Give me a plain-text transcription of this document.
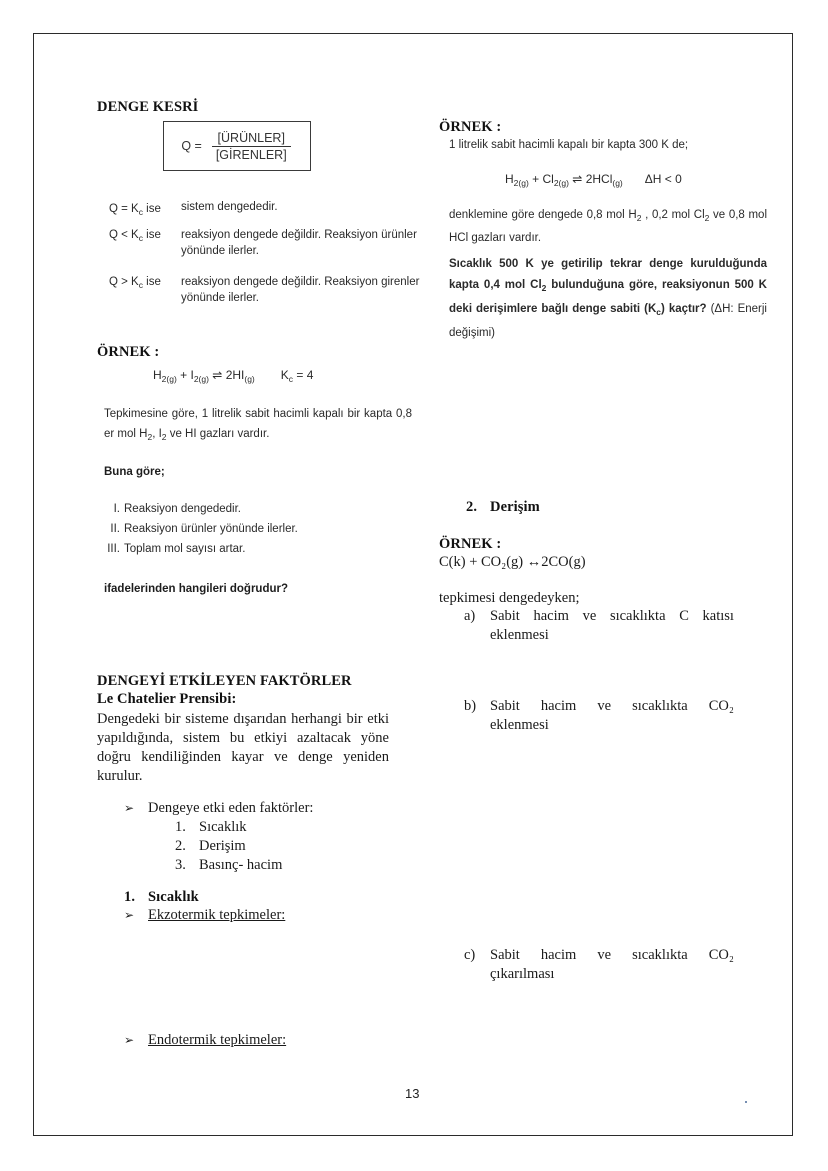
DENGE KESRİ
$Q = \frac{\text{[ÜRÜNLER]}}{\text{[GİRENLER]}}$
$Q = K_c$ ise	sistem dengededir.
$Q < K_c$ ise	reaksiyon dengede değildir. Reaksiyon ürünler yönünde ilerler.
$Q > K_c$ ise	reaksiyon dengede değildir. Reaksiyon girenler yönünde ilerler.
ÖRNEK :
$H_{2(g)} + I_{2(g)}$ ⇌ $2HI_{(g)}$ $K_c = 4$
Tepkimesine göre, 1 litrelik sabit hacimli kapalı bir kapta 0,8 er mol $H_2$, $I_2$ ve HI gazları vardır.
Buna göre;
I. Reaksiyon dengededir.
II. Reaksiyon ürünler yönünde ilerler.
III. Toplam mol sayısı artar.
ifadelerinden hangileri doğrudur?
DENGEYİ ETKİLEYEN FAKTÖRLER
Le Chatelier Prensibi:
Dengedeki bir sisteme dışarıdan herhangi bir etki yapıldığında, sistem bu etkiyi azaltacak yöne doğru kendiliğinden kayar ve denge yeniden kurulur.
➢ Dengeye etki eden faktörler:
1. Sıcaklık
2. Derişim
3. Basınç- hacim
1. Sıcaklık
➢ Ekzotermik tepkimeler:
➢ Endotermik tepkimeler:
ÖRNEK :
1 litrelik sabit hacimli kapalı bir kapta 300 K de;
$H_{2(g)} + Cl_{2(g)}$ ⇌ 2HCl$_{(g)}$ ΔH < 0
denklemine göre dengede 0,8 mol $H_2$ , 0,2 mol $Cl_2$ ve 0,8 mol HCl gazları vardır.
Sıcaklık 500 K ye getirilip tekrar denge kurulduğunda kapta 0,4 mol $Cl_2$ bulunduğuna göre, reaksiyonun 500 K deki derişimlere bağlı denge sabiti $(K_c)$ kaçtır? (ΔH: Enerji değişimi)
2. Derişim
ÖRNEK :
C(k) + CO₂(g) ↔2CO(g)
tepkimesi dengedeyken;
a)	Sabit hacim ve sıcaklıkta C katısı
eklenmesi
b) Sabit hacim ve sıcaklıkta CO₂
eklenmesi
c)	Sabit hacim ve sıcaklıkta CO₂
çıkarılması
13
